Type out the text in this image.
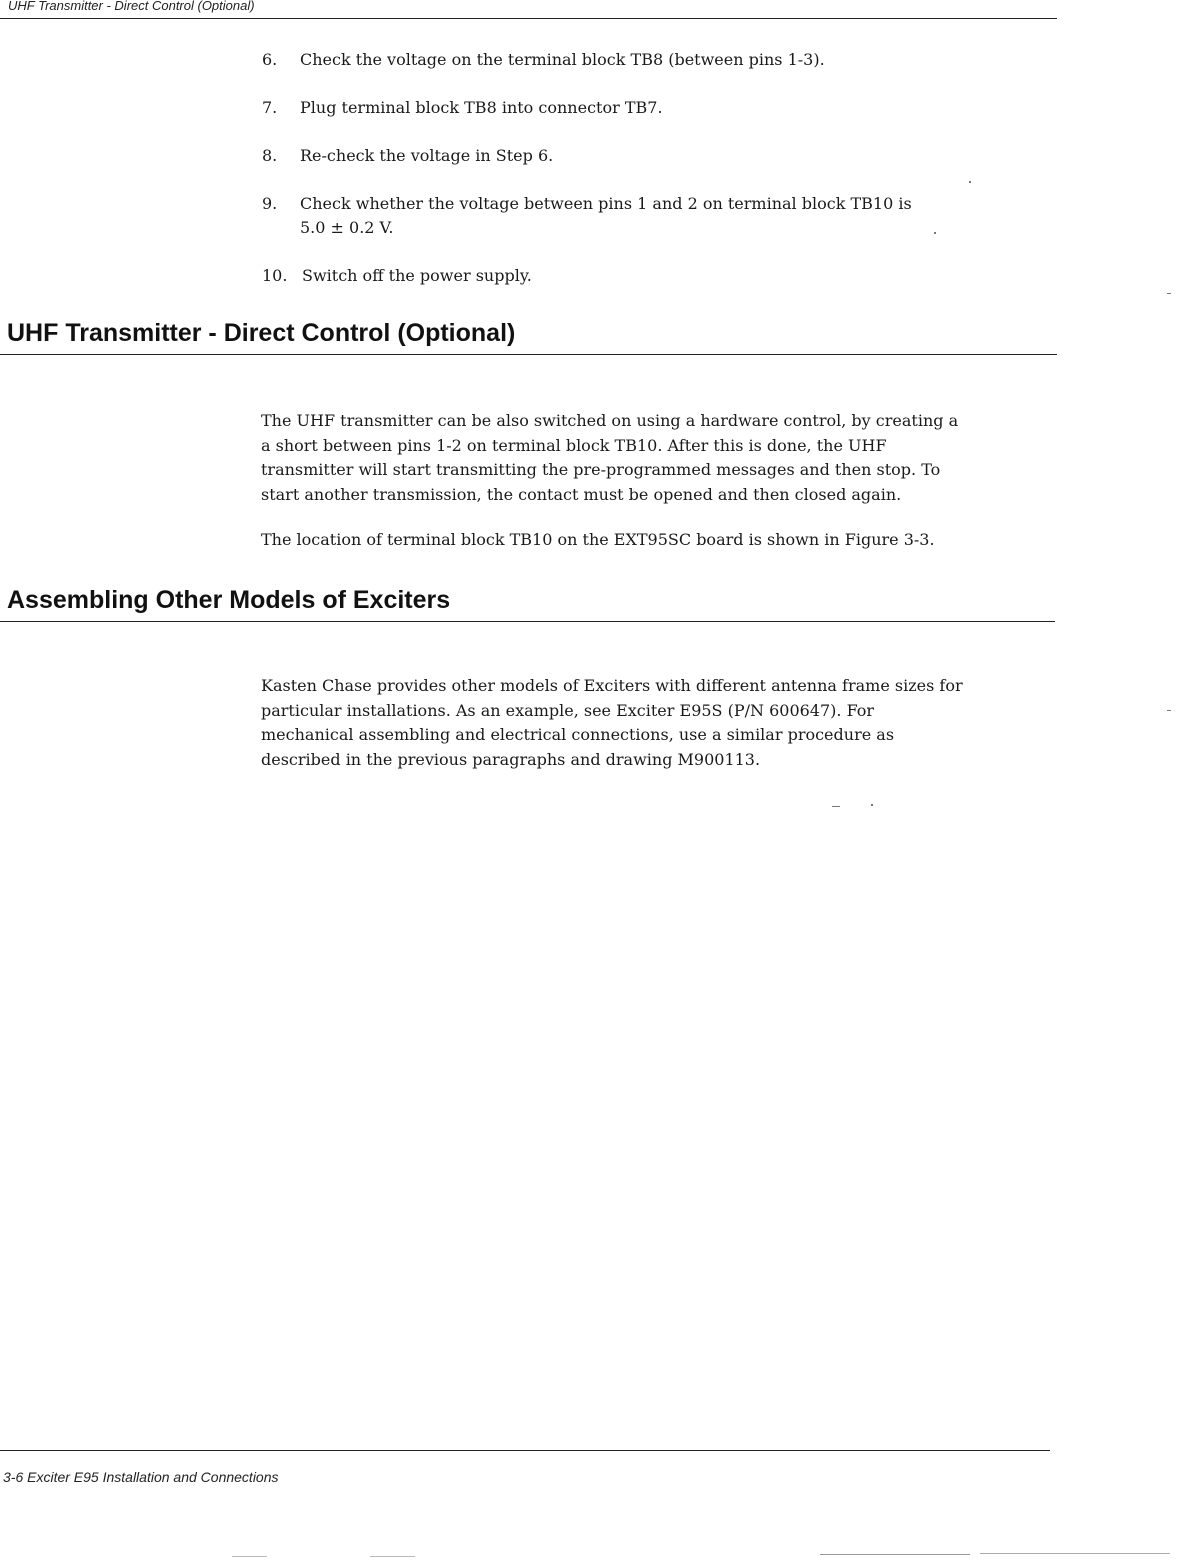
UHF Transmitter - Direct Control (Optional)
6. Check the voltage on the terminal block TB8 (between pins 1-3).
7. Plug terminal block TB8 into connector TB7.
8. Re-check the voltage in Step 6.
9. Check whether the voltage between pins 1 and 2 on terminal block TB10 is
5.0 ± 0.2 V.
10. Switch off the power supply.
UHF Transmitter - Direct Control (Optional)

The UHF transmitter can be also switched on using a hardware control, by creating a
a short between pins 1-2 on terminal block TB10. After this is done, the UHF
transmitter will start transmitting the pre-programmed messages and then stop. To
start another transmission, the contact must be opened and then closed again.

The location of terminal block TB10 on the EXT95SC board is shown in Figure 3-3.

Assembling Other Models of Exciters

Kasten Chase provides other models of Exciters with different antenna frame sizes for
particular installations. As an example, see Exciter E95S (P/N 600647). For
mechanical assembling and electrical connections, use a similar procedure as
described in the previous paragraphs and drawing M900113.

3-6 Exciter E95 Installation and Connections
